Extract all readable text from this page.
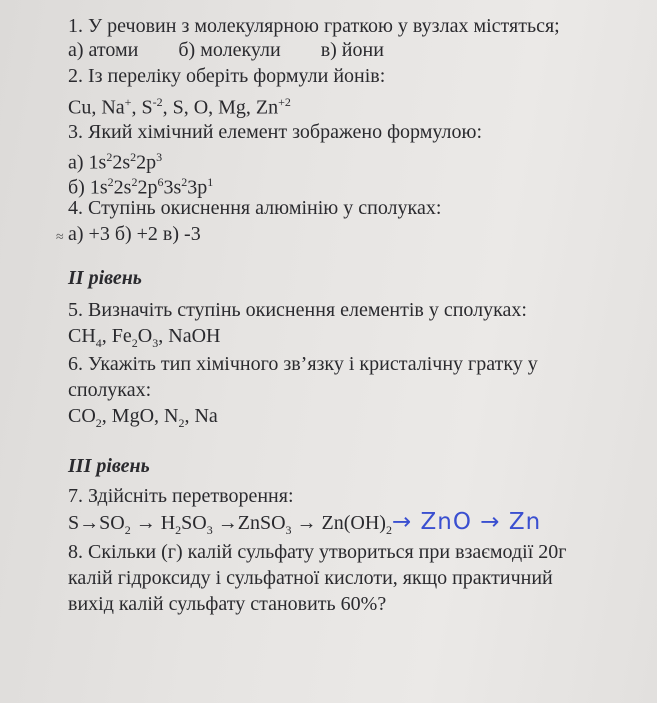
1. У речовин з молекулярною граткою у вузлах містяться;
а) атоми б) молекули в) йони
2. Із переліку оберіть формули йонів:
Cu, Na+, $S^{-2}$, S, O, Mg, $Zn^{+2}$
3. Який хімічний елемент зображено формулою:
а) $1s^22s^22p^3$
б) $1s^22s^22p^63s^23p^1$
4. Ступінь окиснення алюмінію у сполуках:
≈ а) +3 б) +2 в) -3
II рівень
5. Визначіть ступінь окиснення елементів у сполуках:
$CH_4$, $Fe_2O_3$, NaOH
6. Укажіть тип хімічного зв’язку і кристалічну гратку у
сполуках:
$CO_2$, MgO, $N_2$, Na
III рівень
7. Здійсніть перетворення:
$S\to SO_2 \to H_2SO_3$ →ZnSO$_3$ → $Zn(OH)_2\to$ ZnO → Zn
8. Скільки (г) калій сульфату утвориться при взаємодії 20г
калій гідроксиду і сульфатної кислоти, якщо практичний
вихід калій сульфату становить 60%?
